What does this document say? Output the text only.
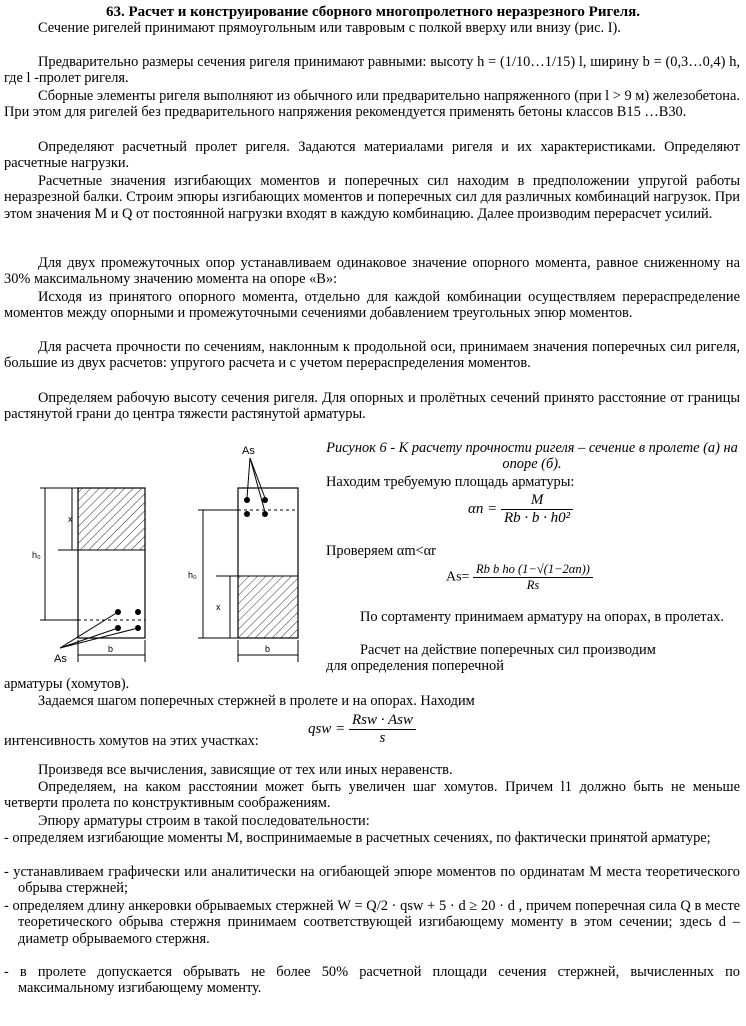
63. Расчет и конструирование сборного многопролетного неразрезного Ригеля.
Сечение ригелей принимают прямоугольным или тавровым с полкой вверху или внизу (рис. I).
Предварительно размеры сечения ригеля принимают равными: высоту h = (1/10…1/15) l, ширину b = (0,3…0,4) h, где l -пролет ригеля.
Сборные элементы ригеля выполняют из обычного или предварительно напряженного (при l > 9 м) железобетона. При этом для ригелей без предварительного напряжения рекомендуется применять бетоны классов В15 …В30.
Определяют расчетный пролет ригеля. Задаются материалами ригеля и их характеристиками. Определяют расчетные нагрузки.
Расчетные значения изгибающих моментов и поперечных сил находим в предположении упругой работы неразрезной балки. Строим эпюры изгибающих моментов и поперечных сил для различных комбинаций нагрузок. При этом значения М и Q от постоянной нагрузки входят в каждую комбинацию. Далее производим перерасчет усилий.
Для двух промежуточных опор устанавливаем одинаковое значение опорного момента, равное сниженному на 30% максимальному значению момента на опоре «В»:
Исходя из принятого опорного момента, отдельно для каждой комбинации осуществляем перераспределение моментов между опорными и промежуточными сечениями добавлением треугольных эпюр моментов.
Для расчета прочности по сечениям, наклонным к продольной оси, принимаем значения поперечных сил ригеля, большие из двух расчетов: упругого расчета и с учетом перераспределения моментов.
Определяем рабочую высоту сечения ригеля. Для опорных и пролётных сечений принято расстояние от границы растянутой грани до центра тяжести растянутой арматуры.
x
h₀
b
As
As
x
h₀
b
Рисунок 6 - К расчету прочности ригеля – сечение в пролете (а) на опоре (б).
Находим требуемую площадь арматуры:
$\alpha n = \frac{M}{\text{Rb · b · h0²}}$
Проверяем αm<αr
$As= \frac{\text{Rb b ho (1−√(1−2αn))}}{Rs}$
По сортаменту принимаем арматуру на опорах, в пролетах.
Расчет на действие поперечных сил производим для определения поперечной
арматуры (хомутов).
Задаемся шагом поперечных стержней в пролете и на опорах. Находим
интенсивность хомутов на этих участках:
qsw = $\frac{\text{Rsw · Asw}}{s}$
Произведя все вычисления, зависящие от тех или иных неравенств.
Определяем, на каком расстоянии может быть увеличен шаг хомутов. Причем l1 должно быть не меньше четверти пролета по конструктивным соображениям.
Эпюру арматуры строим в такой последовательности:
- определяем изгибающие моменты М, воспринимаемые в расчетных сечениях, по фактически принятой арматуре;
- устанавливаем графически или аналитически на огибающей эпюре моментов по ординатам М места теоретического обрыва стержней;
- определяем длину анкеровки обрываемых стержней W = Q/2 · qsw + 5 · d ≥ 20 · d , причем поперечная сила Q в месте теоретического обрыва стержня принимаем соответствующей изгибающему моменту в этом сечении; здесь d – диаметр обрываемого стержня.
- в пролете допускается обрывать не более 50% расчетной площади сечения стержней, вычисленных по максимальному изгибающему моменту.
